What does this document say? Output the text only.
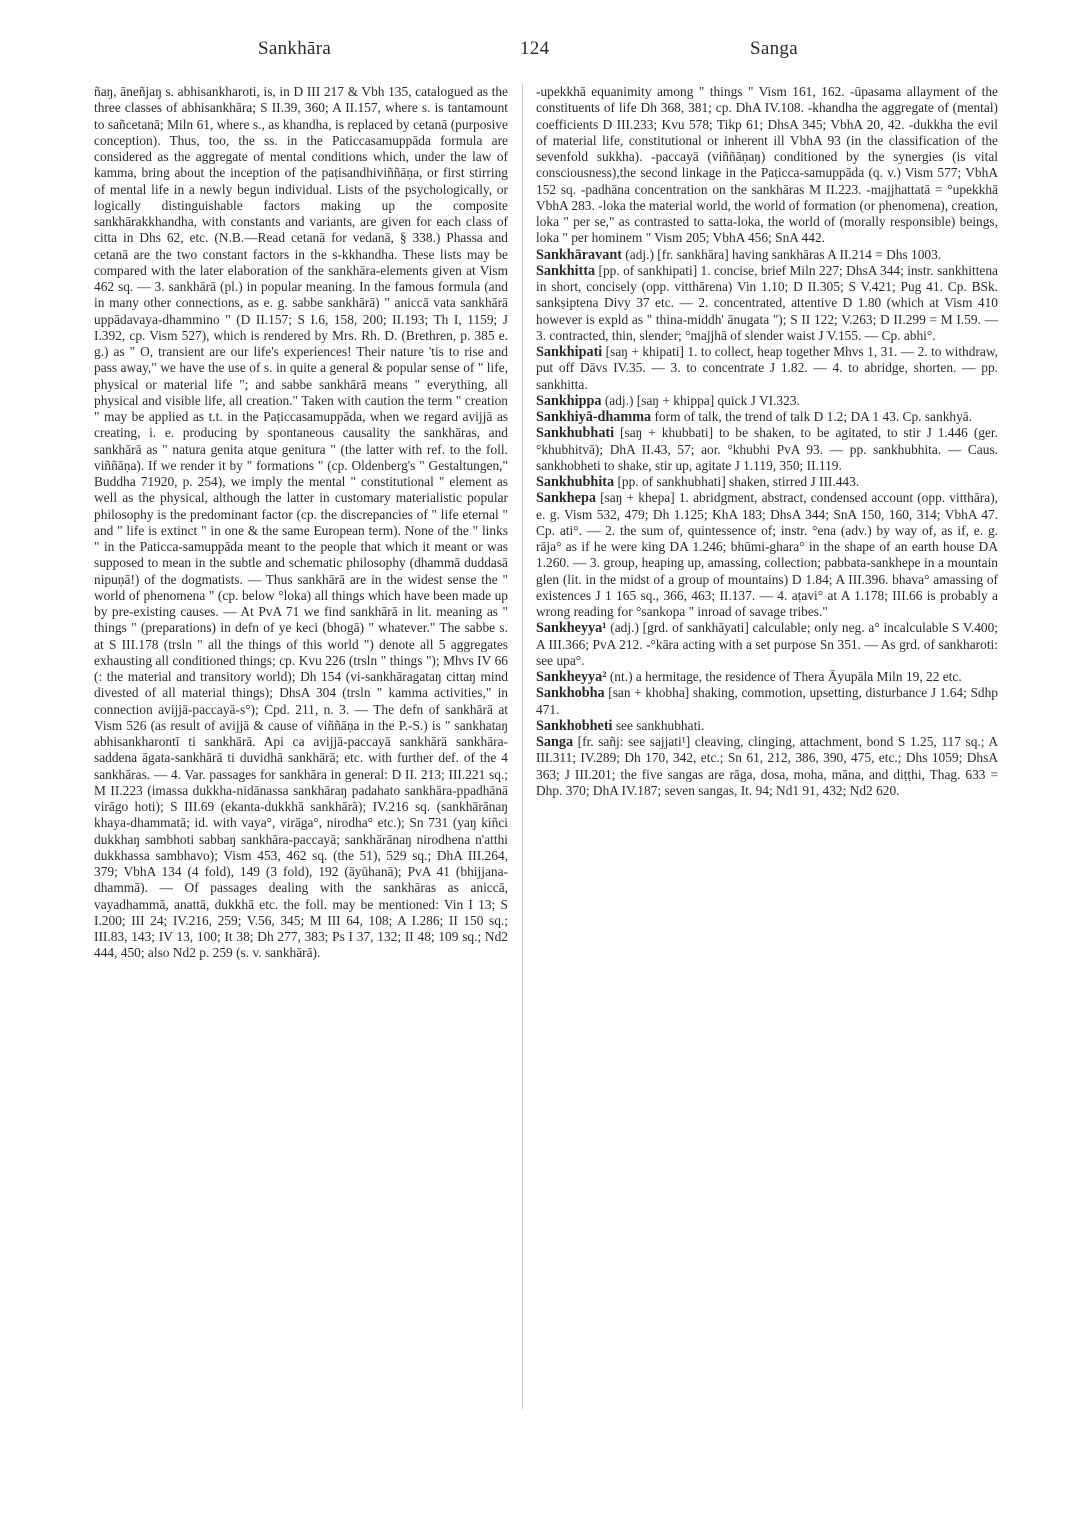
Sankhāra	124	Sanga

ñaŋ, āneñjaŋ s. abhisankharoti, is, in D III 217 & Vbh 135, catalogued as the three classes of abhisankhāra; S II.39, 360; A II.157, where s. is tantamount to sañcetanā; Miln 61, where s., as khandha, is replaced by cetanā (purposive conception). Thus, too, the ss. in the Paticcasamuppāda formula are considered as the aggregate of mental conditions which, under the law of kamma, bring about the inception of the paṭisandhiviññāṇa, or first stirring of mental life in a newly begun individual. Lists of the psychologically, or logically distinguishable factors making up the composite sankhārakkhandha, with constants and variants, are given for each class of citta in Dhs 62, etc. (N.B.—Read cetanā for vedanā, § 338.) Phassa and cetanā are the two constant factors in the s-kkhandha. These lists may be compared with the later elaboration of the sankhāra-elements given at Vism 462 sq. — 3. sankhārā (pl.) in popular meaning. In the famous formula (and in many other connections, as e. g. sabbe sankhārā) " aniccā vata sankhārā uppādavaya-dhammino " (D II.157; S I.6, 158, 200; II.193; Th I, 1159; J I.392, cp. Vism 527), which is rendered by Mrs. Rh. D. (Brethren, p. 385 e. g.) as " O, transient are our life's experiences! Their nature 'tis to rise and pass away," we have the use of s. in quite a general & popular sense of " life, physical or material life "; and sabbe sankhārā means " everything, all physical and visible life, all creation." Taken with caution the term " creation " may be applied as t.t. in the Paṭiccasamuppāda, when we regard avijjā as creating, i. e. producing by spontaneous causality the sankhāras, and sankhārā as " natura genita atque genitura " (the latter with ref. to the foll. viññāṇa). If we render it by " formations " (cp. Oldenberg's " Gestaltungen," Buddha 71920, p. 254), we imply the mental " constitutional " element as well as the physical, although the latter in customary materialistic popular philosophy is the predominant factor (cp. the discrepancies of " life eternal " and " life is extinct " in one & the same European term). None of the " links " in the Paticca-samuppāda meant to the people that which it meant or was supposed to mean in the subtle and schematic philosophy (dhammā duddasā nipuṇā!) of the dogmatists. — Thus sankhārā are in the widest sense the " world of phenomena " (cp. below °loka) all things which have been made up by pre-existing causes. — At PvA 71 we find sankhārā in lit. meaning as " things " (preparations) in defn of ye keci (bhogā) " whatever." The sabbe s. at S III.178 (trsln " all the things of this world ") denote all 5 aggregates exhausting all conditioned things; cp. Kvu 226 (trsln " things "); Mhvs IV 66 (: the material and transitory world); Dh 154 (vi-sankhāragataŋ cittaŋ mind divested of all material things); DhsA 304 (trsln " kamma activities," in connection avijjā-paccayā-s°); Cpd. 211, n. 3. — The defn of sankhārā at Vism 526 (as result of avijjā & cause of viññāṇa in the P.-S.) is " sankhataŋ abhisankharontī ti sankhārā. Api ca avijjā-paccayā sankhārā sankhāra-saddena āgata-sankhārā ti duvidhā sankhārā; etc. with further def. of the 4 sankhāras. — 4. Var. passages for sankhāra in general: D II. 213; III.221 sq.; M II.223 (imassa dukkha-nidānassa sankhāraŋ padahato sankhāra-ppadhānā virāgo hoti); S III.69 (ekanta-dukkhā sankhārā); IV.216 sq. (sankhārānaŋ khaya-dhammatā; id. with vaya°, virāga°, nirodha° etc.); Sn 731 (yaŋ kiñci dukkhaŋ sambhoti sabbaŋ sankhāra-paccayā; sankhārānaŋ nirodhena n'atthi dukkhassa sambhavo); Vism 453, 462 sq. (the 51), 529 sq.; DhA III.264, 379; VbhA 134 (4 fold), 149 (3 fold), 192 (āyūhanā); PvA 41 (bhijjana-dhammā). — Of passages dealing with the sankhāras as aniccā, vayadhammā, anattā, dukkhā etc. the foll. may be mentioned: Vin I 13; S I.200; III 24; IV.216, 259; V.56, 345; M III 64, 108; A I.286; II 150 sq.; III.83, 143; IV 13, 100; It 38; Dh 277, 383; Ps I 37, 132; II 48; 109 sq.; Nd2 444, 450; also Nd2 p. 259 (s. v. sankhārā).

-upekkhā equanimity among " things " Vism 161, 162. -ūpasama allayment of the constituents of life Dh 368, 381; cp. DhA IV.108. -khandha the aggregate of (mental) coefficients D III.233; Kvu 578; Tikp 61; DhsA 345; VbhA 20, 42. -dukkha the evil of material life, constitutional or inherent ill VbhA 93 (in the classification of the sevenfold sukkha). -paccayā (viññāṇaŋ) conditioned by the synergies (is vital consciousness),the second linkage in the Paṭicca-samuppāda (q. v.) Vism 577; VbhA 152 sq. -padhāna concentration on the sankhāras M II.223. -majjhattatā = °upekkhā VbhA 283. -loka the material world, the world of formation (or phenomena), creation, loka " per se," as contrasted to satta-loka, the world of (morally responsible) beings, loka " per hominem " Vism 205; VbhA 456; SnA 442.

Sankhāravant (adj.) [fr. sankhāra] having sankhāras A II.214 = Dhs 1003.

Sankhitta [pp. of sankhipati] 1. concise, brief Miln 227; DhsA 344; instr. sankhittena in short, concisely (opp. vitthārena) Vin 1.10; D II.305; S V.421; Pug 41. Cp. BSk. sankṣiptena Divy 37 etc. — 2. concentrated, attentive D 1.80 (which at Vism 410 however is expld as " thina-middh' ānugata "); S II 122; V.263; D II.299 = M I.59. — 3. contracted, thin, slender; °majjhā of slender waist J V.155. — Cp. abhi°.

Sankhipati [saŋ + khipati] 1. to collect, heap together Mhvs 1, 31. — 2. to withdraw, put off Dāvs IV.35. — 3. to concentrate J 1.82. — 4. to abridge, shorten. — pp. sankhitta.

Sankhippa (adj.) [saŋ + khippa] quick J VI.323.

Sankhiyā-dhamma form of talk, the trend of talk D 1.2; DA 1 43. Cp. sankhyā.

Sankhubhati [saŋ + khubbati] to be shaken, to be agitated, to stir J 1.446 (ger. °khubhitvā); DhA II.43, 57; aor. °khubhi PvA 93. — pp. sankhubhita. — Caus. sankhobheti to shake, stir up, agitate J 1.119, 350; II.119.

Sankhubhita [pp. of sankhubhati] shaken, stirred J III.443.

Sankhepa [saŋ + khepa] 1. abridgment, abstract, condensed account (opp. vitthāra), e. g. Vism 532, 479; Dh 1.125; KhA 183; DhsA 344; SnA 150, 160, 314; VbhA 47. Cp. ati°. — 2. the sum of, quintessence of; instr. °ena (adv.) by way of, as if, e. g. rāja° as if he were king DA 1.246; bhūmi-ghara° in the shape of an earth house DA 1.260. — 3. group, heaping up, amassing, collection; pabbata-sankhepe in a mountain glen (lit. in the midst of a group of mountains) D 1.84; A III.396. bhava° amassing of existences J 1 165 sq., 366, 463; II.137. — 4. aṭavi° at A 1.178; III.66 is probably a wrong reading for °sankopa " inroad of savage tribes."

Sankheyya¹ (adj.) [grd. of sankhāyati] calculable; only neg. a° incalculable S V.400; A III.366; PvA 212. -°kāra acting with a set purpose Sn 351. — As grd. of sankharoti: see upa°.

Sankheyya² (nt.) a hermitage, the residence of Thera Āyupāla Miln 19, 22 etc.

Sankhobha [san + khobha] shaking, commotion, upsetting, disturbance J 1.64; Sdhp 471.

Sankhobheti see sankhubhati.

Sanga [fr. sañj: see sajjati¹] cleaving, clinging, attachment, bond S 1.25, 117 sq.; A III.311; IV.289; Dh 170, 342, etc.; Sn 61, 212, 386, 390, 475, etc.; Dhs 1059; DhsA 363; J III.201; the five sangas are rāga, dosa, moha, māna, and diṭṭhi, Thag. 633 = Dhp. 370; DhA IV.187; seven sangas, It. 94; Nd1 91, 432; Nd2 620.
